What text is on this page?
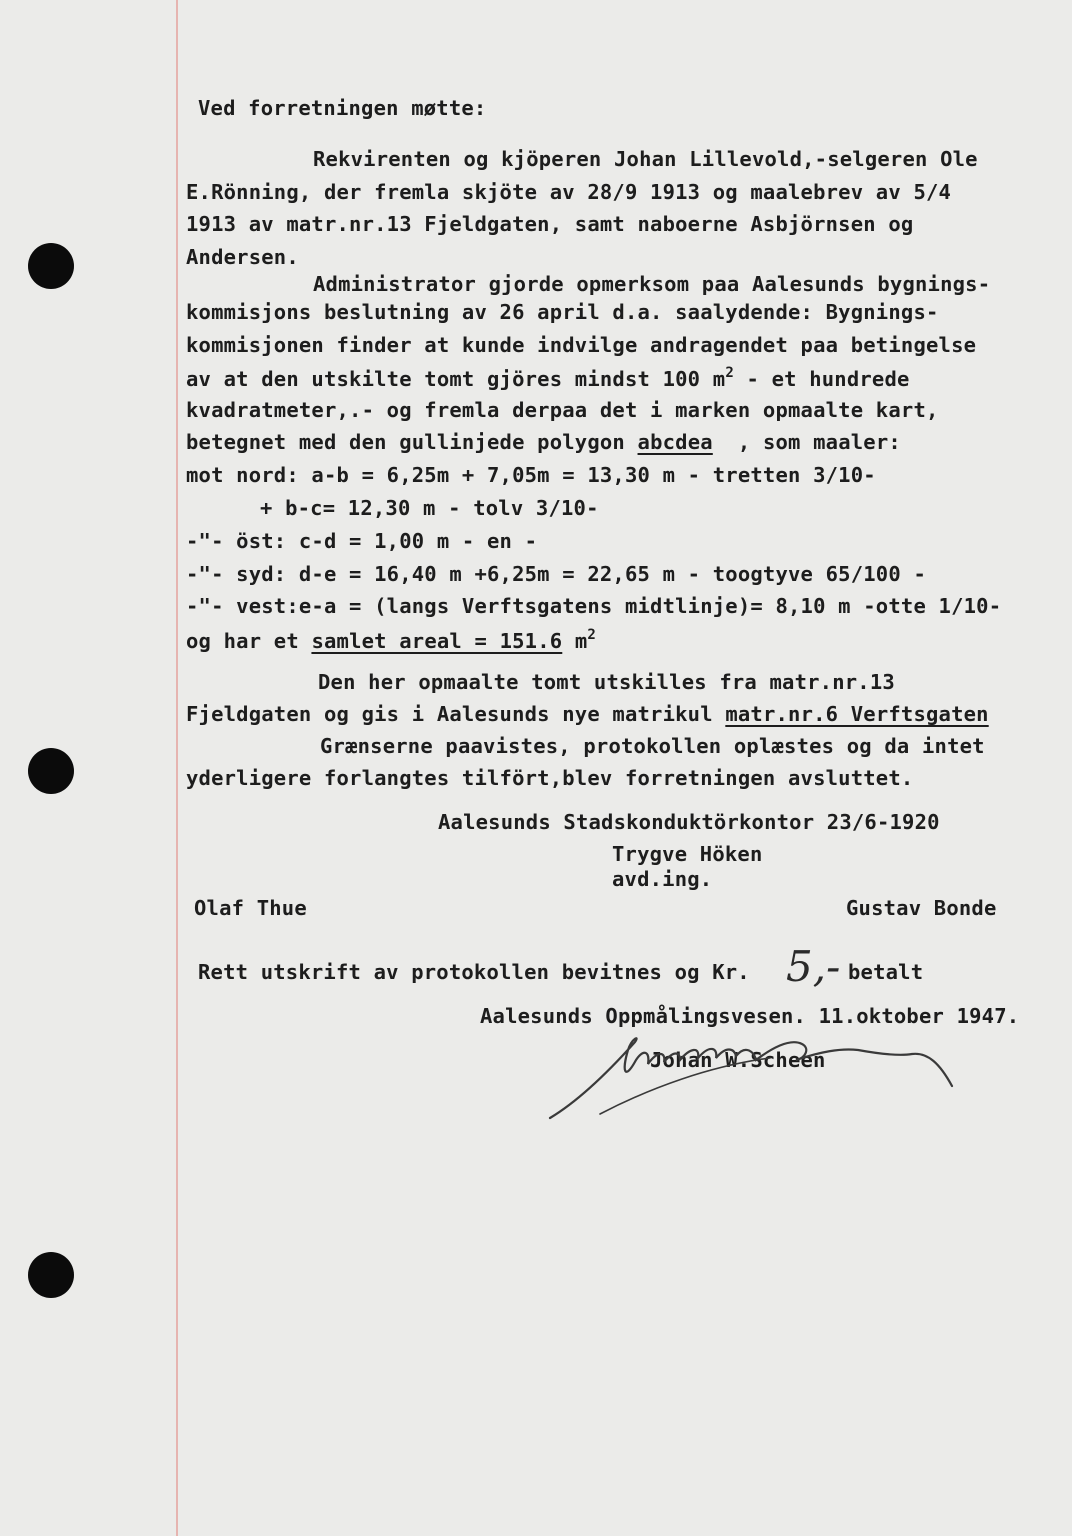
Ved forretningen møtte:
Rekvirenten og kjöperen Johan Lillevold,-selgeren Ole
E.Rönning, der fremla skjöte av 28/9 1913 og maalebrev av 5/4
1913 av matr.nr.13 Fjeldgaten, samt naboerne Asbjörnsen og
Andersen.
Administrator gjorde opmerksom paa Aalesunds bygnings-
kommisjons beslutning av 26 april d.a. saalydende: Bygnings-
kommisjonen finder at kunde indvilge andragendet paa betingelse
av at den utskilte tomt gjöres mindst 100 $m^2$ - et hundrede
kvadratmeter,.- og fremla derpaa det i marken opmaalte kart,
betegnet med den gullinjede polygon abcdea , som maaler:
mot nord: a-b = 6,25m + 7,05m = 13,30 m - tretten 3/10-
+ b-c= 12,30 m - tolv 3/10-
-"- öst: c-d = 1,00 m - en -
-"- syd: d-e = 16,40 m +6,25m = 22,65 m - toogtyve 65/100 -
-"- vest:e-a = (langs Verftsgatens midtlinje)= 8,10 m -otte 1/10-
og har et samlet areal = 151.6 $m^2$
Den her opmaalte tomt utskilles fra matr.nr.13
Fjeldgaten og gis i Aalesunds nye matrikul matr.nr.6 Verftsgaten
Grænserne paavistes, protokollen oplæstes og da intet
yderligere forlangtes tilfört,blev forretningen avsluttet.
Aalesunds Stadskonduktörkontor 23/6-1920
Trygve Höken
avd.ing.
Olaf Thue	Gustav Bonde
Rett utskrift av protokollen bevitnes og Kr. 5,- betalt
Aalesunds Oppmålingsvesen. 11.oktober 1947.
Johan W.Scheen
